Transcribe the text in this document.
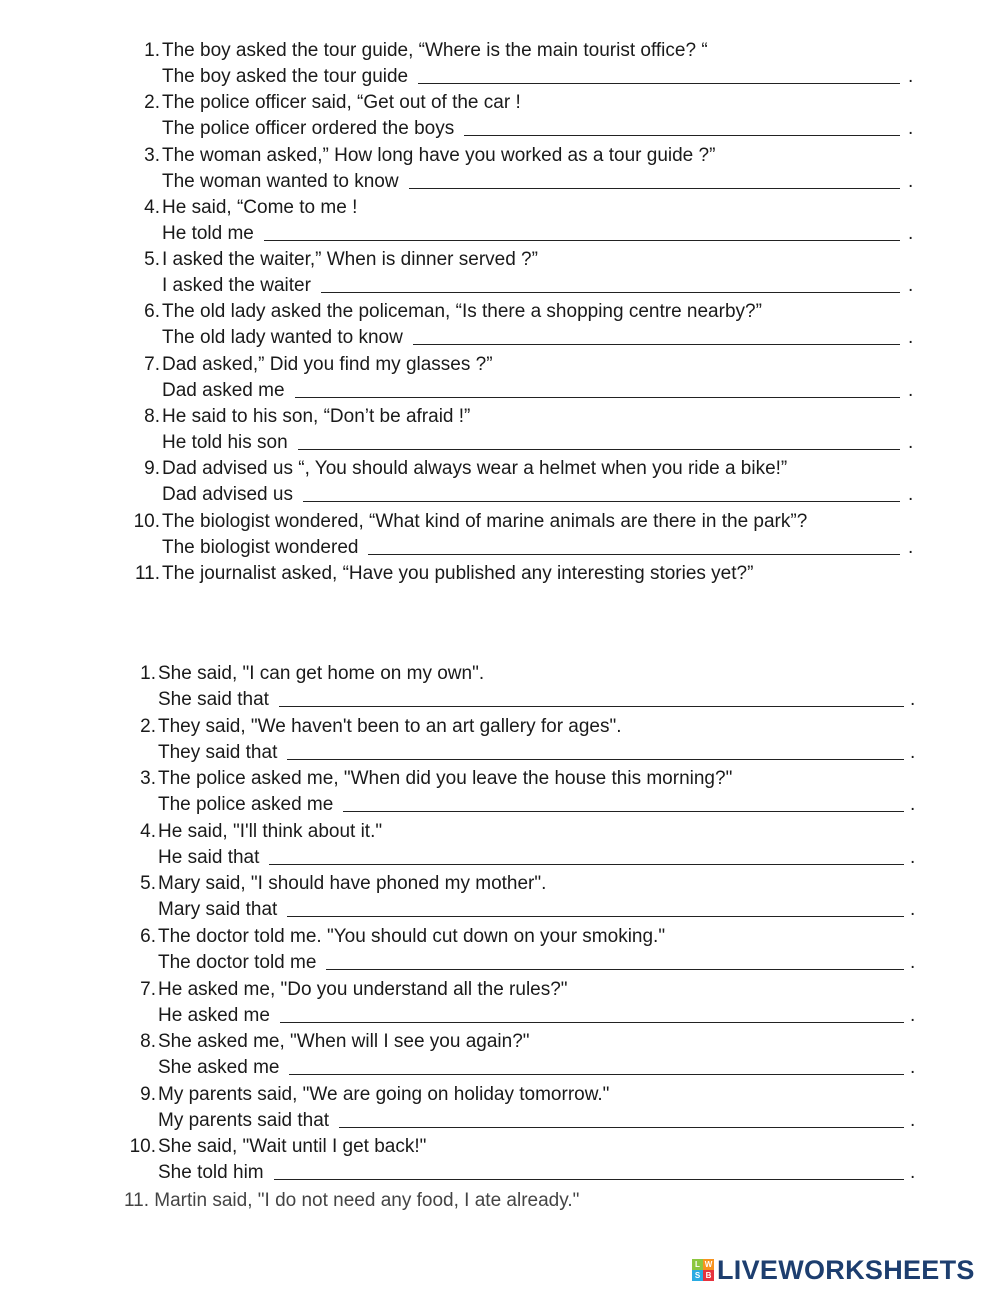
1. The boy asked the tour guide, “Where is the main tourist office? “
The boy asked the tour guide	.
2. The police officer said, “Get out of the car !
The police officer ordered the boys	.
3. The woman asked,” How long have you worked as a tour guide ?”
The woman wanted to know	.
4. He said, “Come to me !
He told me	.
5. I asked the waiter,” When is dinner served ?”
I asked the waiter	.
6. The old lady asked the policeman, “Is there a shopping centre nearby?”
The old lady wanted to know	.
7. Dad asked,” Did you find my glasses ?”
Dad asked me	.
8. He said to his son, “Don’t be afraid !”
He told his son	.
9. Dad advised us “, You should always wear a helmet when you ride a bike!”
Dad advised us	.
10. The biologist wondered, “What kind of marine animals are there in the park”?
The biologist wondered	.
11. The journalist asked, “Have you published any interesting stories yet?”
1. She said, "I can get home on my own".
She said that	.
2. They said, "We haven't been to an art gallery for ages".
They said that	.
3. The police asked me, "When did you leave the house this morning?"
The police asked me	.
4. He said, "I'll think about it."
He said that	.
5. Mary said, "I should have phoned my mother".
Mary said that	.
6. The doctor told me. "You should cut down on your smoking."
The doctor told me	.
7. He asked me, "Do you understand all the rules?"
He asked me	.
8. She asked me, "When will I see you again?"
She asked me	.
9. My parents said, "We are going on holiday tomorrow."
My parents said that	.
10. She said, "Wait until I get back!"
She told him	.
11. Martin said, "I do not need any food, I ate already."
L W
S B LIVEWORKSHEETS
